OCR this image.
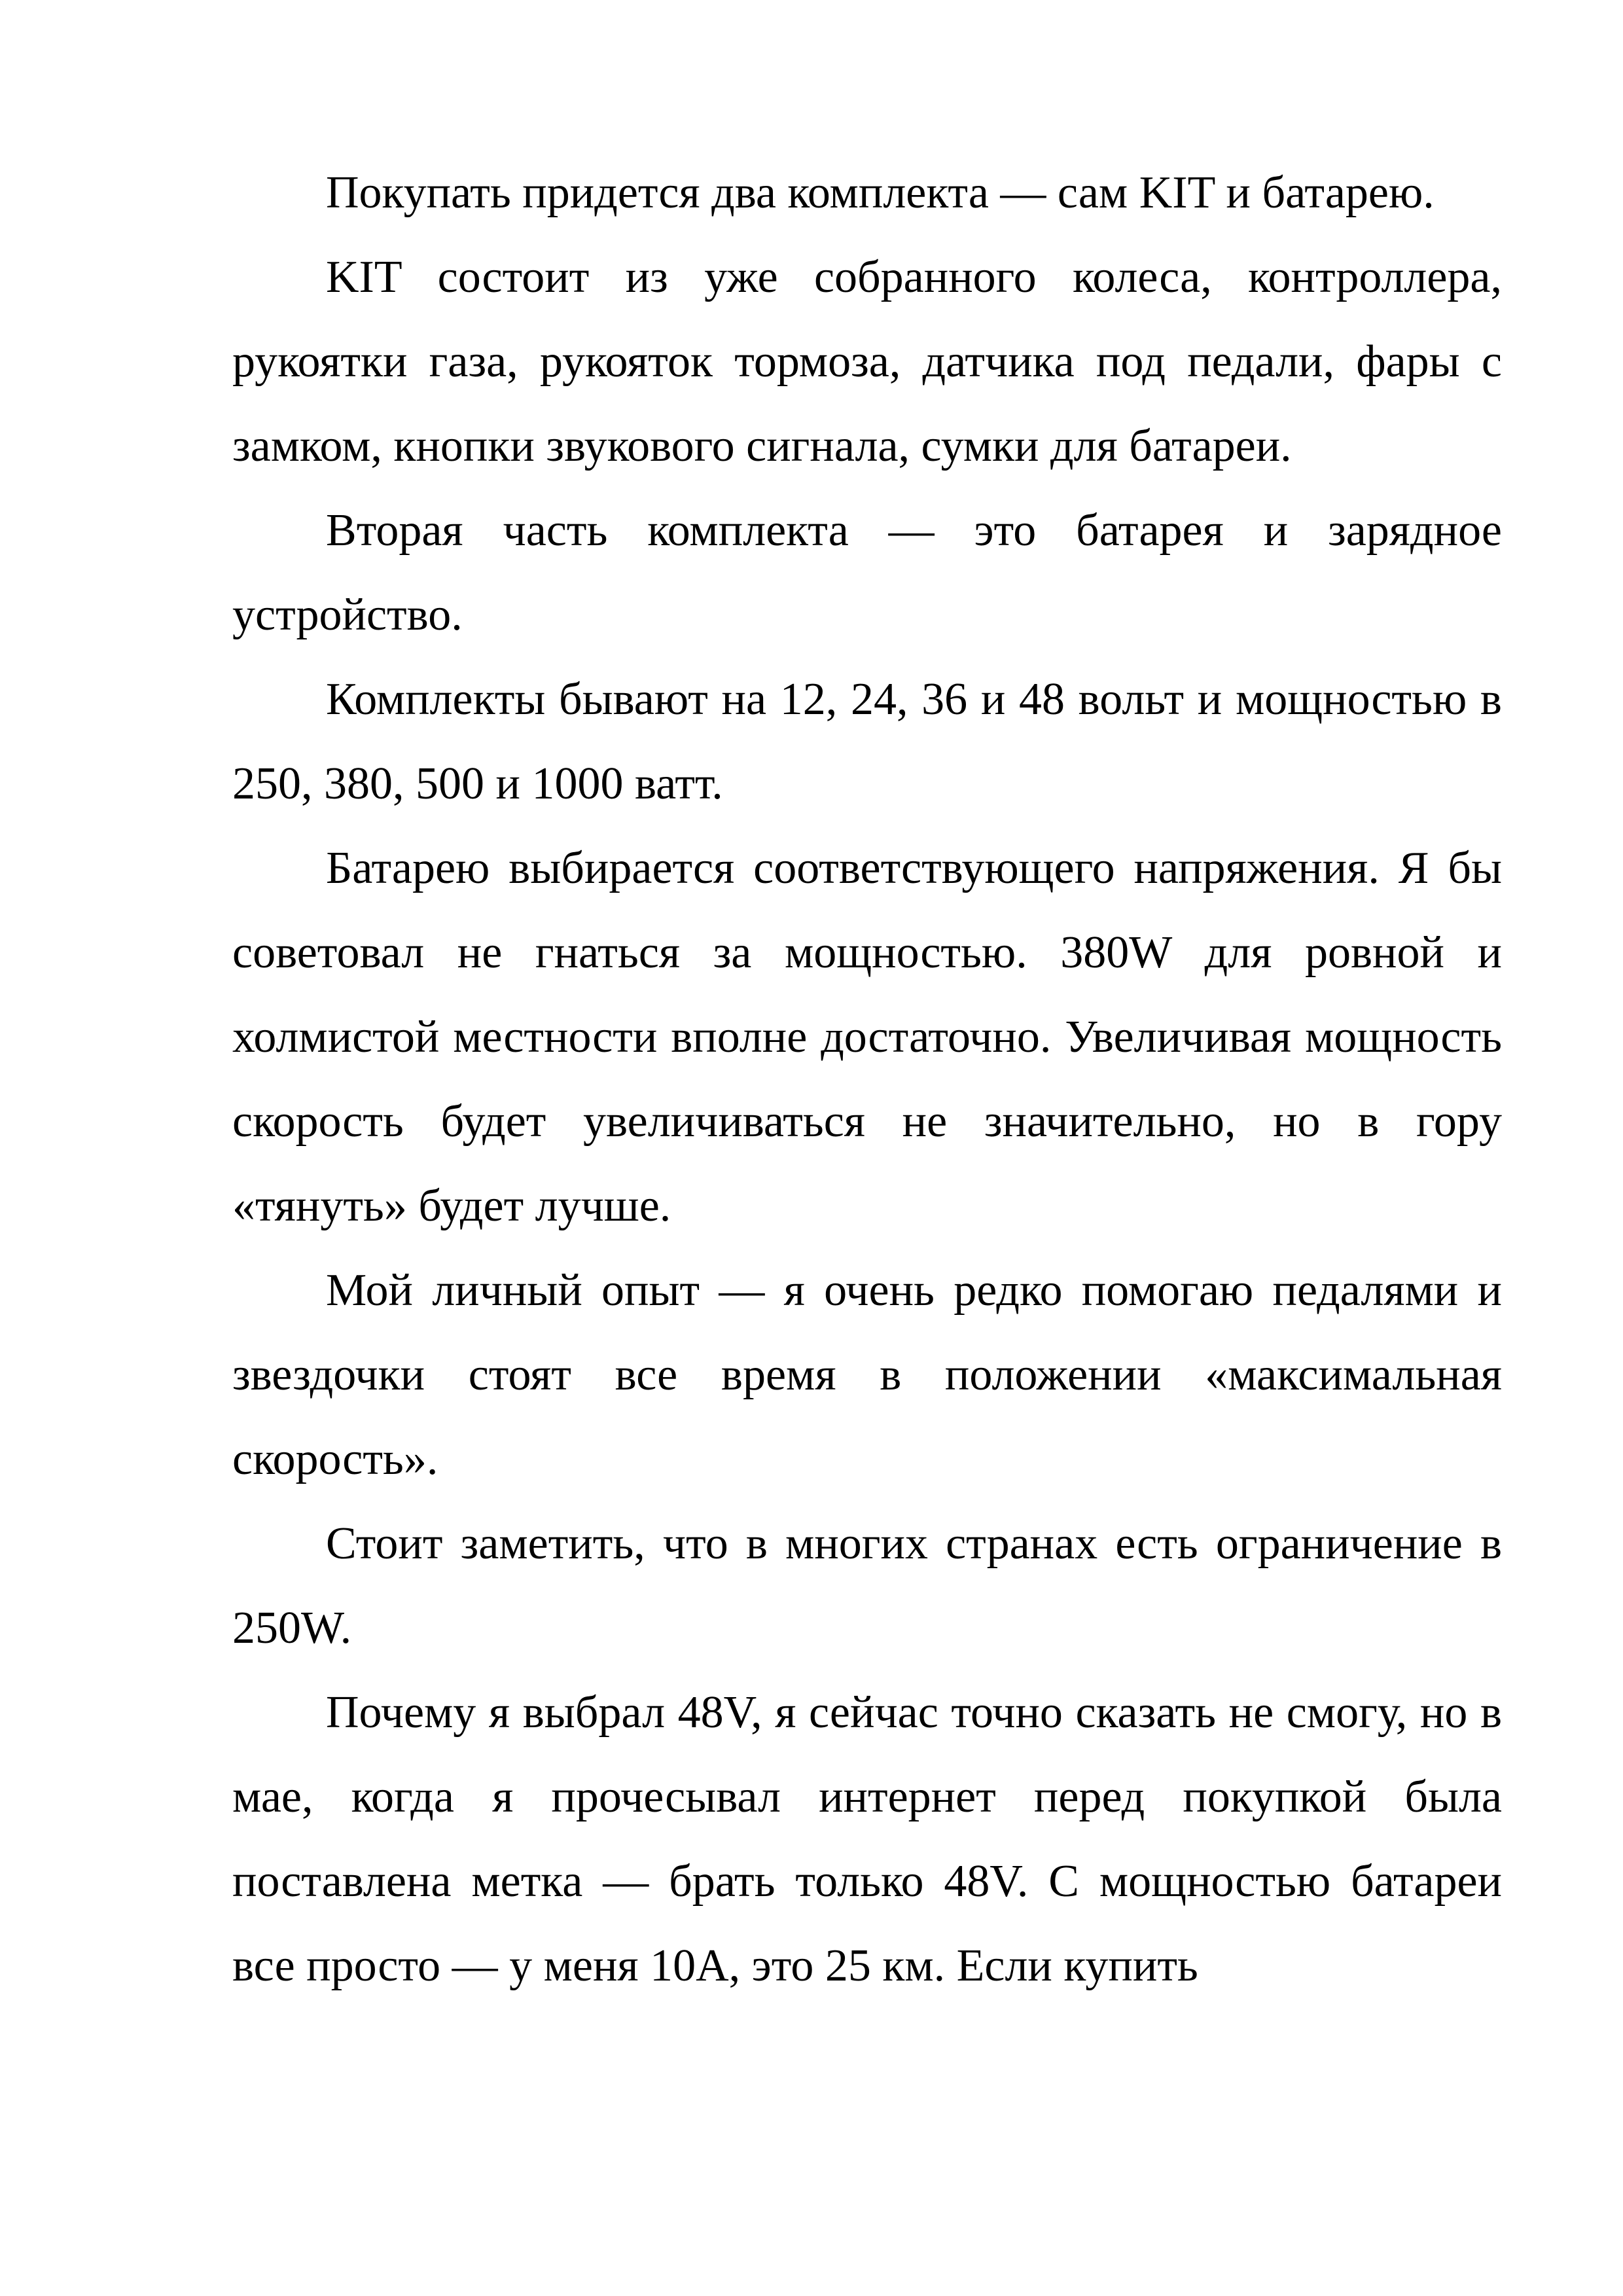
Покупать придется два комплекта — сам KIT и батарею.

KIT состоит из уже собранного колеса, контроллера, рукоятки газа, рукояток тормоза, датчика под педали, фары с замком, кнопки звукового сигнала, сумки для батареи.

Вторая часть комплекта — это батарея и зарядное устройство.

Комплекты бывают на 12, 24, 36 и 48 вольт и мощностью в 250, 380, 500 и 1000 ватт.

Батарею выбирается соответствующего напряжения. Я бы советовал не гнаться за мощностью. 380W для ровной и холмистой местности вполне достаточно. Увеличивая мощность скорость будет увеличиваться не значительно, но в гору «тянуть» будет лучше.

Мой личный опыт — я очень редко помогаю педалями и звездочки стоят все время в положении «максимальная скорость».

Стоит заметить, что в многих странах есть ограничение в 250W.

Почему я выбрал 48V, я сейчас точно сказать не смогу, но в мае, когда я прочесывал интернет перед покупкой была поставлена метка — брать только 48V. С мощностью батареи все просто — у меня 10А, это 25 км. Если купить
